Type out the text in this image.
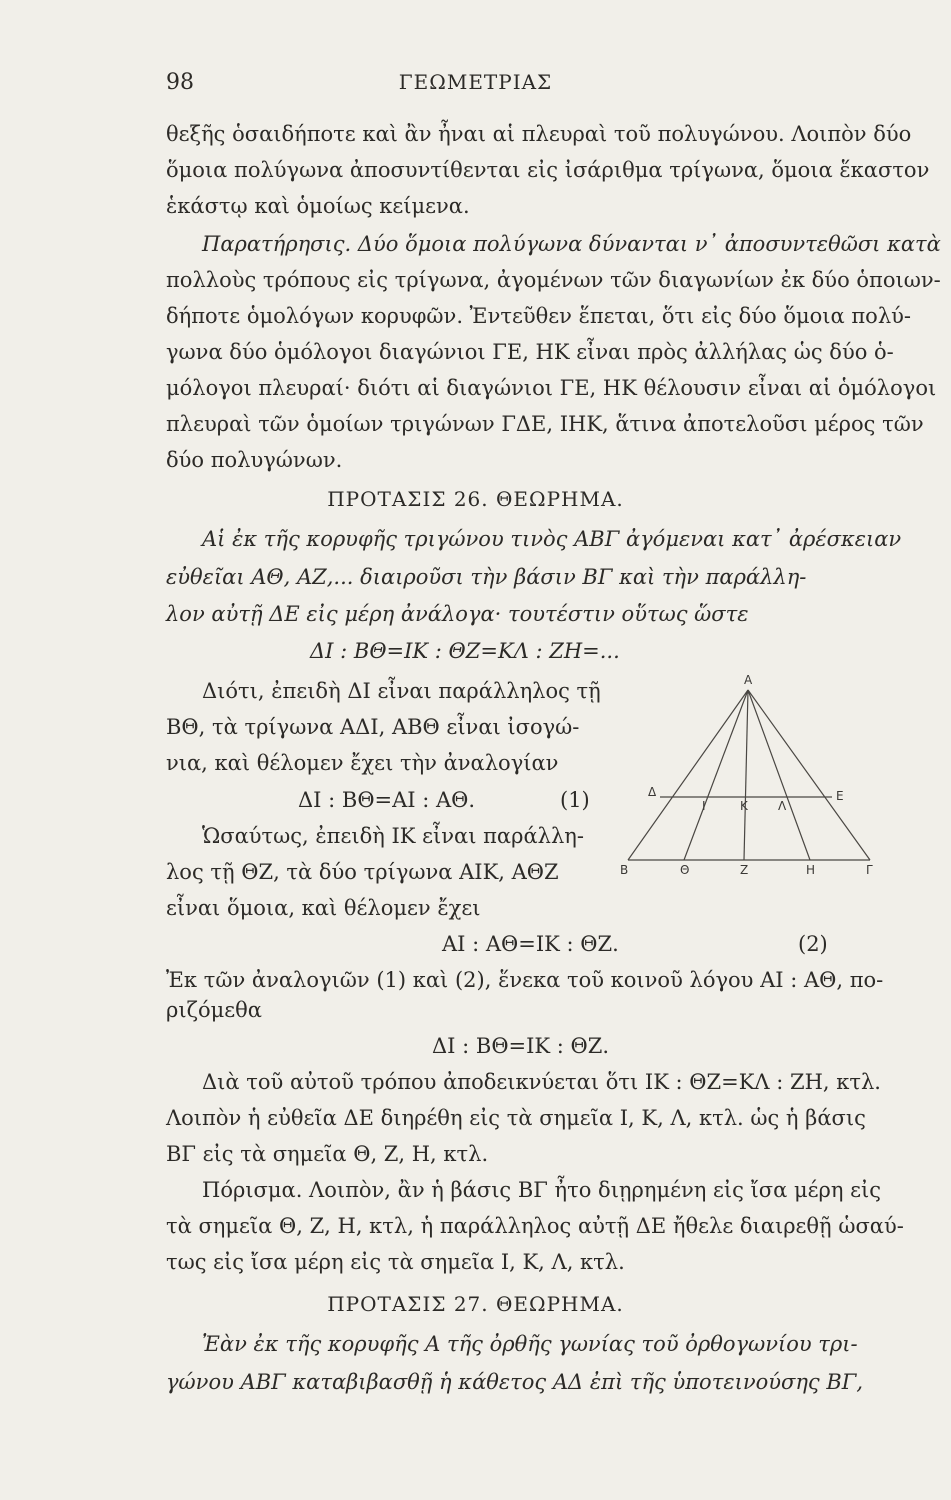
98	ΓΕΩΜΕΤΡΙΑΣ
θεξῆς ὁσαιδήποτε καὶ ἂν ἦναι αἱ πλευραὶ τοῦ πολυγώνου. Λοιπὸν δύο
ὅμοια πολύγωνα ἀποσυντίθενται εἰς ἰσάριθμα τρίγωνα, ὅμοια ἕκαστον
ἑκάστῳ καὶ ὁμοίως κείμενα.
Παρατήρησις. Δύο ὅμοια πολύγωνα δύνανται ν᾽ ἀποσυντεθῶσι κατὰ
πολλοὺς τρόπους εἰς τρίγωνα, ἀγομένων τῶν διαγωνίων ἐκ δύο ὁποιων-
δήποτε ὁμολόγων κορυφῶν. Ἐντεῦθεν ἕπεται, ὅτι εἰς δύο ὅμοια πολύ-
γωνα δύο ὁμόλογοι διαγώνιοι ΓΕ, ΗΚ εἶναι πρὸς ἀλλήλας ὡς δύο ὁ-
μόλογοι πλευραί· διότι αἱ διαγώνιοι ΓΕ, ΗΚ θέλουσιν εἶναι αἱ ὁμόλογοι
πλευραὶ τῶν ὁμοίων τριγώνων ΓΔΕ, ΙΗΚ, ἅτινα ἀποτελοῦσι μέρος τῶν
δύο πολυγώνων.
ΠΡΟΤΑΣΙΣ 26. ΘΕΩΡΗΜΑ.
Αἱ ἐκ τῆς κορυφῆς τριγώνου τινὸς ΑΒΓ ἀγόμεναι κατ᾽ ἀρέσκειαν
εὐθεῖαι ΑΘ, ΑΖ,... διαιροῦσι τὴν βάσιν ΒΓ καὶ τὴν παράλλη-
λον αὐτῇ ΔΕ εἰς μέρη ἀνάλογα· τουτέστιν οὕτως ὥστε
ΔΙ : ΒΘ=ΙΚ : ΘΖ=ΚΛ : ΖΗ=...
Διότι, ἐπειδὴ ΔΙ εἶναι παράλληλος τῇ
ΒΘ, τὰ τρίγωνα ΑΔΙ, ΑΒΘ εἶναι ἰσογώ-
νια, καὶ θέλομεν ἔχει τὴν ἀναλογίαν
ΔΙ : ΒΘ=ΑΙ : ΑΘ.	(1)
Ὡσαύτως, ἐπειδὴ ΙΚ εἶναι παράλλη-
λος τῇ ΘΖ, τὰ δύο τρίγωνα ΑΙΚ, ΑΘΖ
εἶναι ὅμοια, καὶ θέλομεν ἔχει
ΑΙ : ΑΘ=ΙΚ : ΘΖ.	(2)
Ἐκ τῶν ἀναλογιῶν (1) καὶ (2), ἕνεκα τοῦ κοινοῦ λόγου ΑΙ : ΑΘ, πο-
ριζόμεθα
ΔΙ : ΒΘ=ΙΚ : ΘΖ.
Διὰ τοῦ αὐτοῦ τρόπου ἀποδεικνύεται ὅτι ΙΚ : ΘΖ=ΚΛ : ΖΗ, κτλ.
Λοιπὸν ἡ εὐθεῖα ΔΕ διηρέθη εἰς τὰ σημεῖα Ι, Κ, Λ, κτλ. ὡς ἡ βάσις
ΒΓ εἰς τὰ σημεῖα Θ, Ζ, Η, κτλ.
Πόρισμα. Λοιπὸν, ἂν ἡ βάσις ΒΓ ἦτο διῃρημένη εἰς ἴσα μέρη εἰς
τὰ σημεῖα Θ, Ζ, Η, κτλ, ἡ παράλληλος αὐτῇ ΔΕ ἤθελε διαιρεθῇ ὡσαύ-
τως εἰς ἴσα μέρη εἰς τὰ σημεῖα Ι, Κ, Λ, κτλ.
ΠΡΟΤΑΣΙΣ 27. ΘΕΩΡΗΜΑ.
Ἐὰν ἐκ τῆς κορυφῆς Α τῆς ὀρθῆς γωνίας τοῦ ὀρθογωνίου τρι-
γώνου ΑΒΓ καταβιβασθῇ ἡ κάθετος ΑΔ ἐπὶ τῆς ὑποτεινούσης ΒΓ,
A
Δ	Ε
I	K	Λ
Β	Θ	Z	H	Γ
